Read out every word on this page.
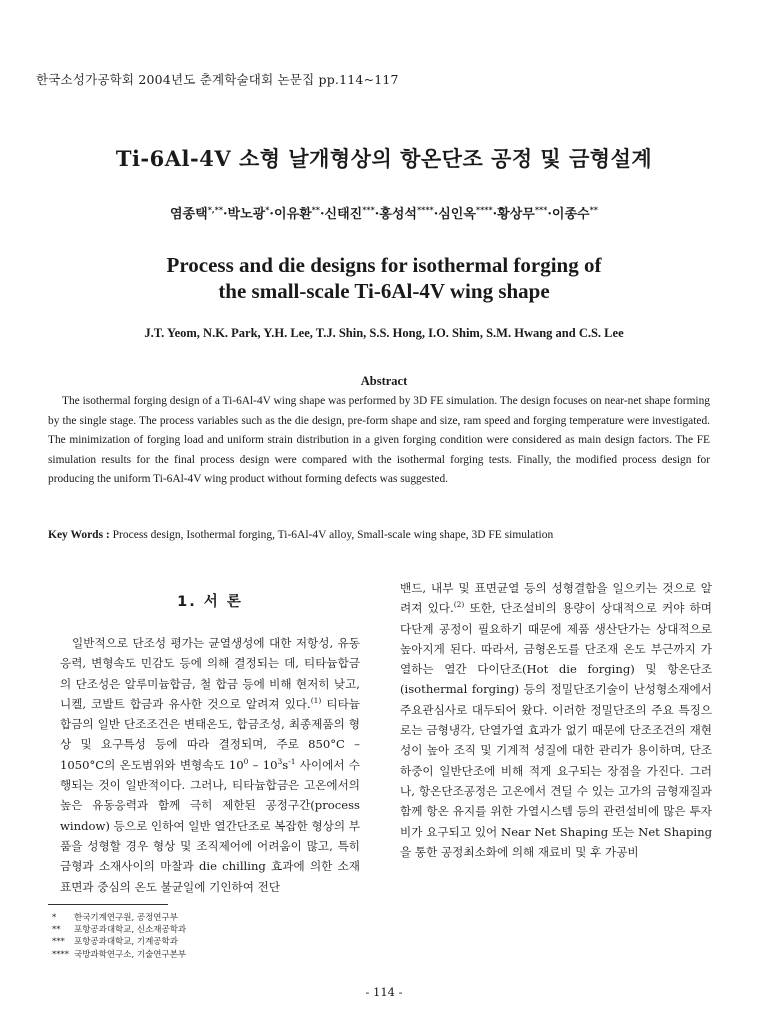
한국소성가공학회 2004년도 춘계학술대회 논문집 pp.114~117
Ti-6Al-4V 소형 날개형상의 항온단조 공정 및 금형설계
염종택*,**·박노광*·이유환**·신태진***·홍성석****·심인옥****·황상무***·이종수**
Process and die designs for isothermal forging of
the small-scale Ti-6Al-4V wing shape
J.T. Yeom, N.K. Park, Y.H. Lee, T.J. Shin, S.S. Hong, I.O. Shim, S.M. Hwang and C.S. Lee
Abstract
The isothermal forging design of a Ti-6Al-4V wing shape was performed by 3D FE simulation. The design focuses on near-net shape forming by the single stage. The process variables such as the die design, pre-form shape and size, ram speed and forging temperature were investigated. The minimization of forging load and uniform strain distribution in a given forging condition were considered as main design factors. The FE simulation results for the final process design were compared with the isothermal forging tests. Finally, the modified process design for producing the uniform Ti-6Al-4V wing product without forming defects was suggested.
Key Words : Process design, Isothermal forging, Ti-6Al-4V alloy, Small-scale wing shape, 3D FE simulation
1. 서 론
일반적으로 단조성 평가는 균열생성에 대한 저항성, 유동응력, 변형속도 민감도 등에 의해 결정되는 데, 티타늄합금의 단조성은 알루미늄합금, 철 합금 등에 비해 현저히 낮고, 니켈, 코발트 합금과 유사한 것으로 알려져 있다.$^{(1)}$ 티타늄합금의 일반 단조조건은 변태온도, 합금조성, 최종제품의 형상 및 요구특성 등에 따라 결정되며, 주로 850°C – 1050°C의 온도범위와 변형속도 $10^0 - 10^3s^{-1}$ 사이에서 수행되는 것이 일반적이다. 그러나, 티타늄합금은 고온에서의 높은 유동응력과 함께 극히 제한된 공정구간(process window) 등으로 인하여 일반 열간단조로 복잡한 형상의 부품을 성형할 경우 형상 및 조직제어에 어려움이 많고, 특히 금형과 소재사이의 마찰과 die chilling 효과에 의한 소재표면과 중심의 온도 불균일에 기인하여 전단
밴드, 내부 및 표면균열 등의 성형결함을 일으키는 것으로 알려져 있다.$^{(2)}$ 또한, 단조설비의 용량이 상대적으로 커야 하며 다단계 공정이 필요하기 때문에 제품 생산단가는 상대적으로 높아지게 된다. 따라서, 금형온도를 단조재 온도 부근까지 가열하는 열간 다이단조(Hot die forging) 및 항온단조(isothermal forging) 등의 정밀단조기술이 난성형소재에서 주요관심사로 대두되어 왔다. 이러한 정밀단조의 주요 특징으로는 금형냉각, 단열가열 효과가 없기 때문에 단조조건의 재현성이 높아 조직 및 기계적 성질에 대한 관리가 용이하며, 단조하중이 일반단조에 비해 적게 요구되는 장점을 가진다. 그러나, 항온단조공정은 고온에서 견딜 수 있는 고가의 금형재질과 함께 항온 유지를 위한 가열시스템 등의 관련설비에 많은 투자비가 요구되고 있어 Near Net Shaping 또는 Net Shaping을 통한 공정최소화에 의해 재료비 및 후 가공비
*	한국기계연구원, 공정연구부
**	포항공과대학교, 신소재공학과
***	포항공과대학교, 기계공학과
**** 국방과학연구소, 기술연구본부
- 114 -
